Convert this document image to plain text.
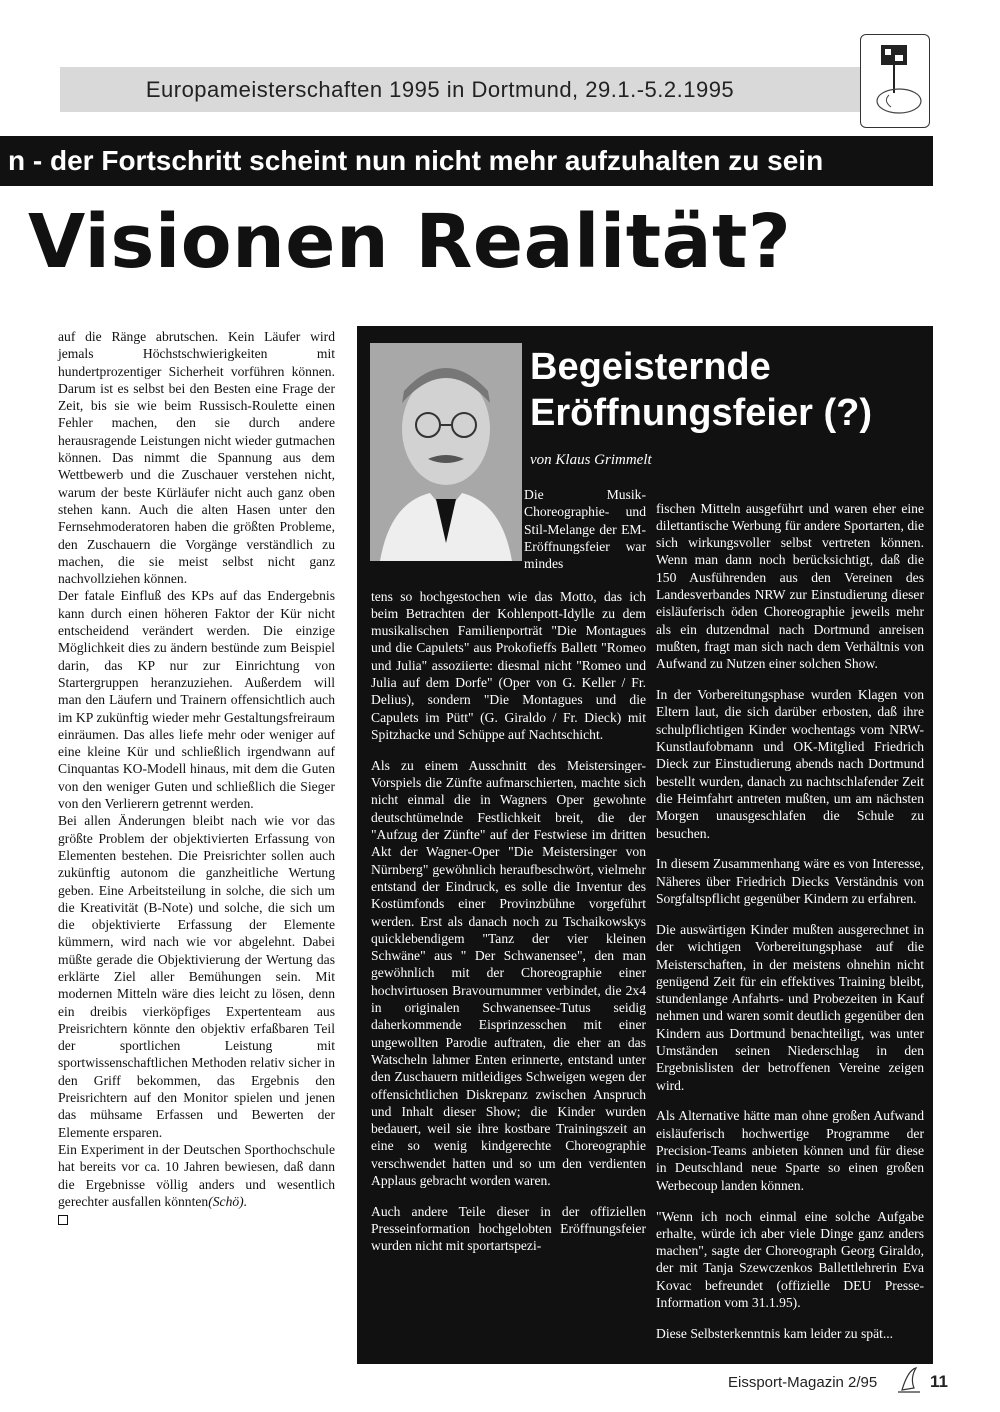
Europameisterschaften 1995 in Dortmund, 29.1.-5.2.1995
n - der Fortschritt scheint nun nicht mehr aufzuhalten zu sein
Visionen Realität?

auf die Ränge abrutschen. Kein Läufer wird jemals Höchstschwierigkeiten mit hundertprozentiger Sicherheit vorführen können. Darum ist es selbst bei den Besten eine Frage der Zeit, bis sie wie beim Russisch-Roulette einen Fehler machen, den sie durch andere herausragende Leistungen nicht wieder gutmachen können. Das nimmt die Spannung aus dem Wettbewerb und die Zuschauer verstehen nicht, warum der beste Kürläufer nicht auch ganz oben stehen kann. Auch die alten Hasen unter den Fernsehmoderatoren haben die größten Probleme, den Zuschauern die Vorgänge verständlich zu machen, die sie meist selbst nicht ganz nachvollziehen können.

Der fatale Einfluß des KPs auf das Endergebnis kann durch einen höheren Faktor der Kür nicht entscheidend verändert werden. Die einzige Möglichkeit dies zu ändern bestünde zum Beispiel darin, das KP nur zur Einrichtung von Startergruppen heranzuziehen. Außerdem will man den Läufern und Trainern offensichtlich auch im KP zukünftig wieder mehr Gestaltungsfreiraum einräumen. Das alles liefe mehr oder weniger auf eine kleine Kür und schließlich irgendwann auf Cinquantas KO-Modell hinaus, mit dem die Guten von den weniger Guten und schließlich die Sieger von den Verlierern getrennt werden.

Bei allen Änderungen bleibt nach wie vor das größte Problem der objektivierten Erfassung von Elementen bestehen. Die Preisrichter sollen auch zukünftig autonom die ganzheitliche Wertung geben. Eine Arbeitsteilung in solche, die sich um die Kreativität (B-Note) und solche, die sich um die objektivierte Erfassung der Elemente kümmern, wird nach wie vor abgelehnt. Dabei müßte gerade die Objektivierung der Wertung das erklärte Ziel aller Bemühungen sein. Mit modernen Mitteln wäre dies leicht zu lösen, denn ein dreibis vierköpfiges Expertenteam aus Preisrichtern könnte den objektiv erfaßbaren Teil der sportlichen Leistung mit sportwissenschaftlichen Methoden relativ sicher in den Griff bekommen, das Ergebnis den Preisrichtern auf den Monitor spielen und jenen das mühsame Erfassen und Bewerten der Elemente ersparen.

Ein Experiment in der Deutschen Sporthochschule hat bereits vor ca. 10 Jahren bewiesen, daß dann die Ergebnisse völlig anders und wesentlich gerechter ausfallen könnten(Schö).

Begeisternde
Eröffnungsfeier (?)
von Klaus Grimmelt
Die Musik-Choreographie- und Stil-Melange der EM-Eröffnungsfeier war mindes

tens so hochgestochen wie das Motto, das ich beim Betrachten der Kohlenpott-Idylle zu dem musikalischen Familienporträt "Die Montagues und die Capulets" aus Prokofieffs Ballett "Romeo und Julia" assoziierte: diesmal nicht "Romeo und Julia auf dem Dorfe" (Oper von G. Keller / Fr. Delius), sondern "Die Montagues und die Capulets im Pütt" (G. Giraldo / Fr. Dieck) mit Spitzhacke und Schüppe auf Nachtschicht.

Als zu einem Ausschnitt des Meistersinger-Vorspiels die Zünfte aufmarschierten, machte sich nicht einmal die in Wagners Oper gewohnte deutschtümelnde Festlichkeit breit, die der "Aufzug der Zünfte" auf der Festwiese im dritten Akt der Wagner-Oper "Die Meistersinger von Nürnberg" gewöhnlich heraufbeschwört, vielmehr entstand der Eindruck, es solle die Inventur des Kostümfonds einer Provinzbühne vorgeführt werden. Erst als danach noch zu Tschaikowskys quicklebendigem "Tanz der vier kleinen Schwäne" aus " Der Schwanensee", den man gewöhnlich mit der Choreographie einer hochvirtuosen Bravournummer verbindet, die 2x4 in originalen Schwanensee-Tutus seidig daherkommende Eisprinzesschen mit einer ungewollten Parodie auftraten, die eher an das Watscheln lahmer Enten erinnerte, entstand unter den Zuschauern mitleidiges Schweigen wegen der offensichtlichen Diskrepanz zwischen Anspruch und Inhalt dieser Show; die Kinder wurden bedauert, weil sie ihre kostbare Trainingszeit an eine so wenig kindgerechte Choreographie verschwendet hatten und so um den verdienten Applaus gebracht worden waren.

Auch andere Teile dieser in der offiziellen Presseinformation hochgelobten Eröffnungsfeier wurden nicht mit sportartspezi-

fischen Mitteln ausgeführt und waren eher eine dilettantische Werbung für andere Sportarten, die sich wirkungsvoller selbst vertreten können. Wenn man dann noch berücksichtigt, daß die 150 Ausführenden aus den Vereinen des Landesverbandes NRW zur Einstudierung dieser eisläuferisch öden Choreographie jeweils mehr als ein dutzendmal nach Dortmund anreisen mußten, fragt man sich nach dem Verhältnis von Aufwand zu Nutzen einer solchen Show.

In der Vorbereitungsphase wurden Klagen von Eltern laut, die sich darüber erbosten, daß ihre schulpflichtigen Kinder wochentags vom NRW-Kunstlaufobmann und OK-Mitglied Friedrich Dieck zur Einstudierung abends nach Dortmund bestellt wurden, danach zu nachtschlafender Zeit die Heimfahrt antreten mußten, um am nächsten Morgen unausgeschlafen die Schule zu besuchen.

In diesem Zusammenhang wäre es von Interesse, Näheres über Friedrich Diecks Verständnis von Sorgfaltspflicht gegenüber Kindern zu erfahren.

Die auswärtigen Kinder mußten ausgerechnet in der wichtigen Vorbereitungsphase auf die Meisterschaften, in der meistens ohnehin nicht genügend Zeit für ein effektives Training bleibt, stundenlange Anfahrts- und Probezeiten in Kauf nehmen und waren somit deutlich gegenüber den Kindern aus Dortmund benachteiligt, was unter Umständen seinen Niederschlag in den Ergebnislisten der betroffenen Vereine zeigen wird.

Als Alternative hätte man ohne großen Aufwand eisläuferisch hochwertige Programme der Precision-Teams anbieten können und für diese in Deutschland neue Sparte so einen großen Werbecoup landen können.

"Wenn ich noch einmal eine solche Aufgabe erhalte, würde ich aber viele Dinge ganz anders machen", sagte der Choreograph Georg Giraldo, der mit Tanja Szewczenkos Ballettlehrerin Eva Kovac befreundet (offizielle DEU Presse-Information vom 31.1.95).

Diese Selbsterkenntnis kam leider zu spät...

Eissport-Magazin 2/95	11
